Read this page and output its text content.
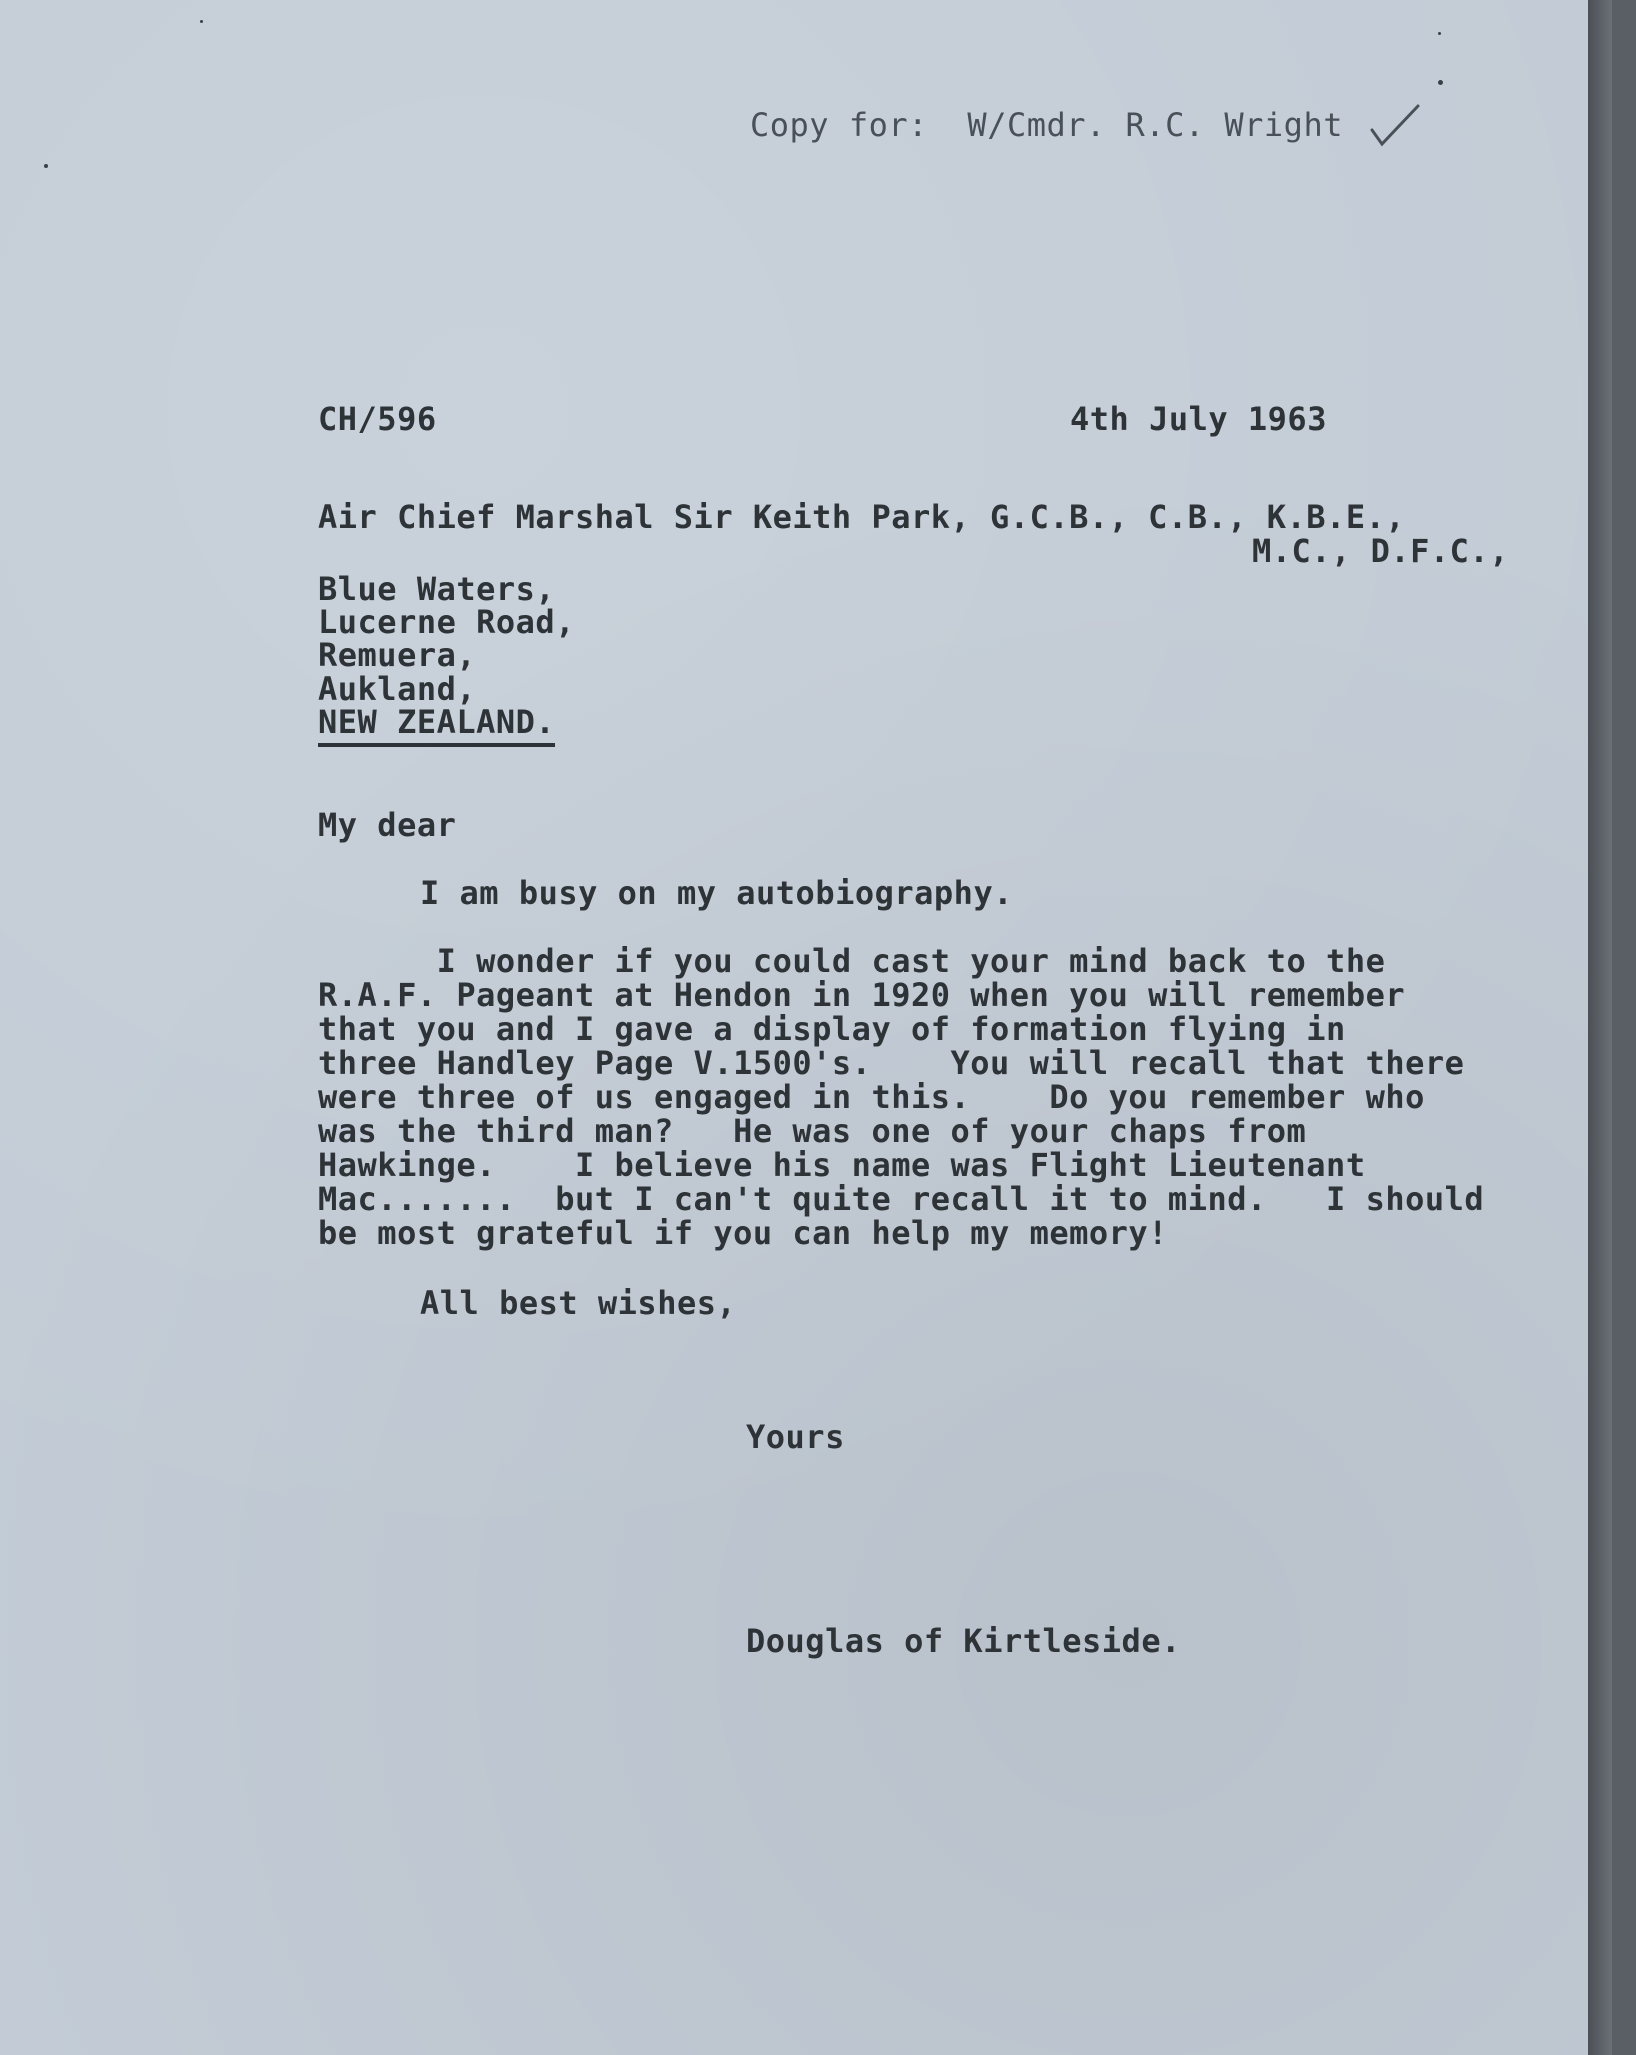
Copy for:  W/Cmdr. R.C. Wright
CH/596	4th July 1963
Air Chief Marshal Sir Keith Park, G.C.B., C.B., K.B.E.,
M.C., D.F.C.,
Blue Waters,
Lucerne Road,
Remuera,
Aukland,
NEW ZEALAND.
My dear
I am busy on my autobiography.
I wonder if you could cast your mind back to the
R.A.F. Pageant at Hendon in 1920 when you will remember
that you and I gave a display of formation flying in
three Handley Page V.1500's.    You will recall that there
were three of us engaged in this.    Do you remember who
was the third man?   He was one of your chaps from
Hawkinge.    I believe his name was Flight Lieutenant
Mac.......  but I can't quite recall it to mind.   I should
be most grateful if you can help my memory!
All best wishes,
Yours
Douglas of Kirtleside.
